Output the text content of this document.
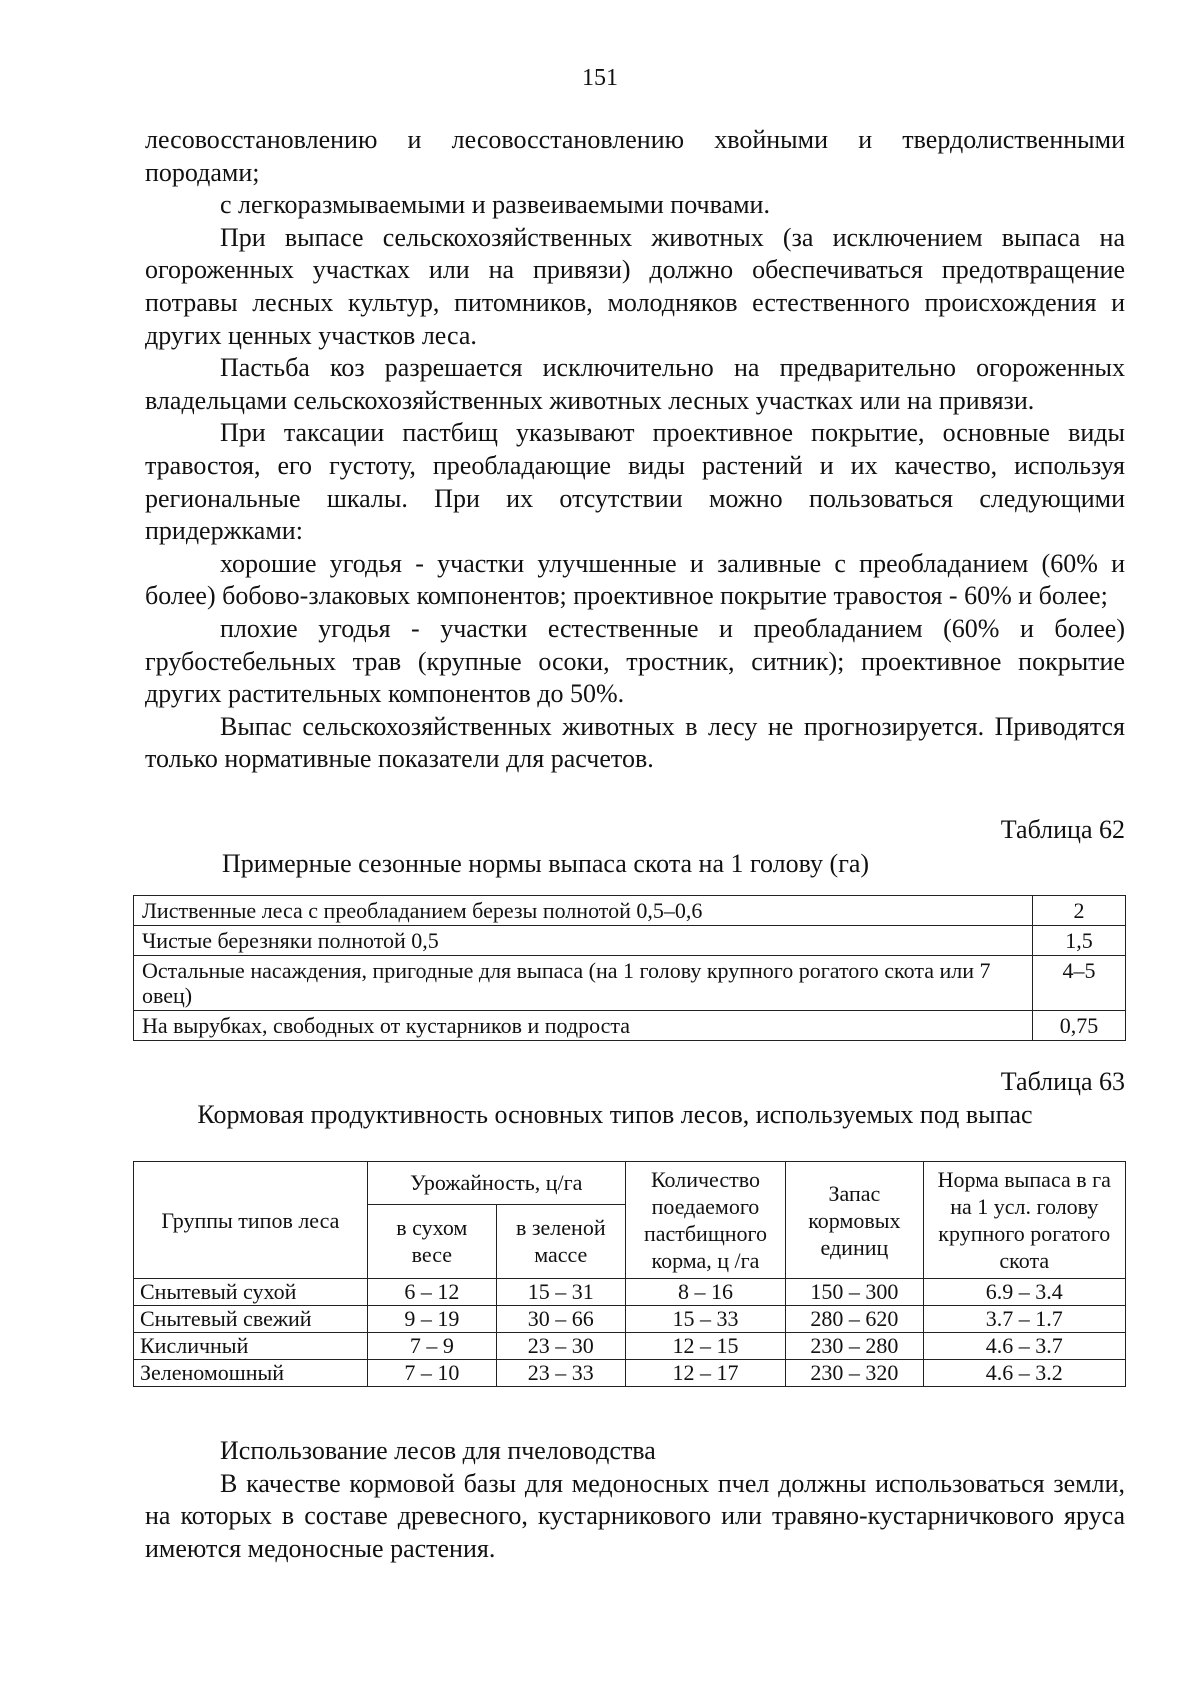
151

лесовосстановлению и лесовосстановлению хвойными и твердолиственными породами;

с легкоразмываемыми и развеиваемыми почвами.

При выпасе сельскохозяйственных животных (за исключением выпаса на огороженных участках или на привязи) должно обеспечиваться предотвращение потравы лесных культур, питомников, молодняков естественного происхождения и других ценных участков леса.

Пастьба коз разрешается исключительно на предварительно огороженных владельцами сельскохозяйственных животных лесных участках или на привязи.

При таксации пастбищ указывают проективное покрытие, основные виды травостоя, его густоту, преобладающие виды растений и их качество, используя региональные шкалы. При их отсутствии можно пользоваться следующими придержками:

хорошие угодья - участки улучшенные и заливные с преобладанием (60% и более) бобово-злаковых компонентов; проективное покрытие травостоя - 60% и более;

плохие угодья - участки естественные и преобладанием (60% и более) грубостебельных трав (крупные осоки, тростник, ситник); проективное покрытие других растительных компонентов до 50%.

Выпас сельскохозяйственных животных в лесу не прогнозируется. Приводятся только нормативные показатели для расчетов.

Таблица 62
Примерные сезонные нормы выпаса скота на 1 голову (га)
Лиственные леса с преобладанием березы полнотой 0,5–0,6	2
Чистые березняки полнотой 0,5	1,5
Остальные насаждения, пригодные для выпаса (на 1 голову крупного рогатого скота или 7 овец)	4–5
На вырубках, свободных от кустарников и подроста	0,75
Таблица 63
Кормовая продуктивность основных типов лесов, используемых под выпас
Группы типов леса	Урожайность, ц/га		Количество поедаемого пастбищного корма, ц /га	Запас кормовых единиц	Норма выпаса в га на 1 усл. голову крупного рогатого скота
	в сухом весе	в зеленой массе			
Снытевый сухой	6 – 12	15 – 31	8 – 16	150 – 300	6.9 – 3.4
Снытевый свежий	9 – 19	30 – 66	15 – 33	280 – 620	3.7 – 1.7
Кисличный	7 – 9	23 – 30	12 – 15	230 – 280	4.6 – 3.7
Зеленомошный	7 – 10	23 – 33	12 – 17	230 – 320	4.6 – 3.2

Использование лесов для пчеловодства

В качестве кормовой базы для медоносных пчел должны использоваться земли, на которых в составе древесного, кустарникового или травяно-кустарничкового яруса имеются медоносные растения.
